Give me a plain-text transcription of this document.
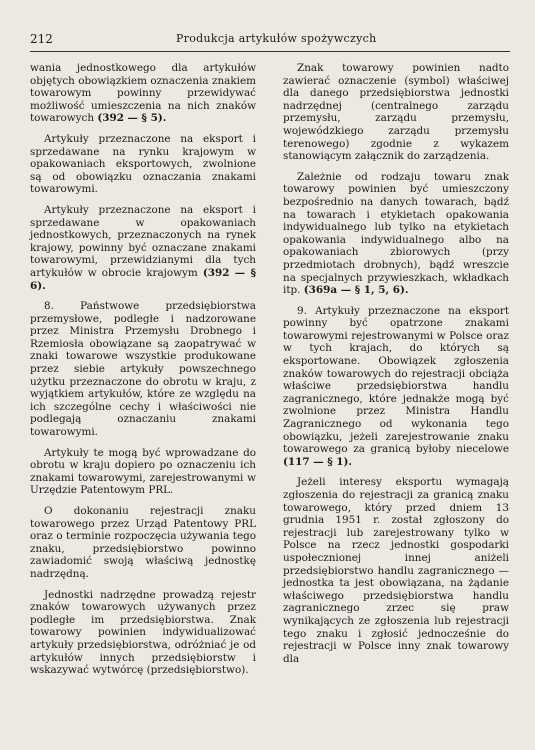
212	Produkcja artykułów spożywczych

wania jednostkowego dla artykułów objętych obowiązkiem oznaczenia znakiem towarowym powinny przewidywać możliwość umieszczenia na nich znaków towarowych (392 — § 5).

Artykuły przeznaczone na eksport i sprzedawane na rynku krajowym w opakowaniach eksportowych, zwolnione są od obowiązku oznaczania znakami towarowymi.

Artykuły przeznaczone na eksport i sprzedawane w opakowaniach jednostkowych, przeznaczonych na rynek krajowy, powinny być oznaczane znakami towarowymi, przewidzianymi dla tych artykułów w obrocie krajowym (392 — § 6).

8. Państwowe przedsiębiorstwa przemysłowe, podległe i nadzorowane przez Ministra Przemysłu Drobnego i Rzemiosła obowiązane są zaopatrywać w znaki towarowe wszystkie produkowane przez siebie artykuły powszechnego użytku przeznaczone do obrotu w kraju, z wyjątkiem artykułów, które ze względu na ich szczególne cechy i właściwości nie podlegają oznaczaniu znakami towarowymi.

Artykuły te mogą być wprowadzane do obrotu w kraju dopiero po oznaczeniu ich znakami towarowymi, zarejestrowanymi w Urzędzie Patentowym PRL.

O dokonaniu rejestracji znaku towarowego przez Urząd Patentowy PRL oraz o terminie rozpoczęcia używania tego znaku, przedsiębiorstwo powinno zawiadomić swoją właściwą jednostkę nadrzędną.

Jednostki nadrzędne prowadzą rejestr znaków towarowych używanych przez podległe im przedsiębiorstwa. Znak towarowy powinien indywidualizować artykuły przedsiębiorstwa, odróżniać je od artykułów innych przedsiębiorstw i wskazywać wytwórcę (przedsiębiorstwo).

Znak towarowy powinien nadto zawierać oznaczenie (symbol) właściwej dla danego przedsiębiorstwa jednostki nadrzędnej (centralnego zarządu przemysłu, zarządu przemysłu, wojewódzkiego zarządu przemysłu terenowego) zgodnie z wykazem stanowiącym załącznik do zarządzenia.

Zależnie od rodzaju towaru znak towarowy powinien być umieszczony bezpośrednio na danych towarach, bądź na towarach i etykietach opakowania indywidualnego lub tylko na etykietach opakowania indywidualnego albo na opakowaniach zbiorowych (przy przedmiotach drobnych), bądź wreszcie na specjalnych przywieszkach, wkładkach itp. (369a — § 1, 5, 6).

9. Artykuły przeznaczone na eksport powinny być opatrzone znakami towarowymi rejestrowanymi w Polsce oraz w tych krajach, do których są eksportowane. Obowiązek zgłoszenia znaków towarowych do rejestracji obciąża właściwe przedsiębiorstwa handlu zagranicznego, które jednakże mogą być zwolnione przez Ministra Handlu Zagranicznego od wykonania tego obowiązku, jeżeli zarejestrowanie znaku towarowego za granicą byłoby niecelowe (117 — § 1).

Jeżeli interesy eksportu wymagają zgłoszenia do rejestracji za granicą znaku towarowego, który przed dniem 13 grudnia 1951 r. został zgłoszony do rejestracji lub zarejestrowany tylko w Polsce na rzecz jednostki gospodarki uspołecznionej innej aniżeli przedsiębiorstwo handlu zagranicznego — jednostka ta jest obowiązana, na żądanie właściwego przedsiębiorstwa handlu zagranicznego zrzec się praw wynikających ze zgłoszenia lub rejestracji tego znaku i zgłosić jednocześnie do rejestracji w Polsce inny znak towarowy dla
